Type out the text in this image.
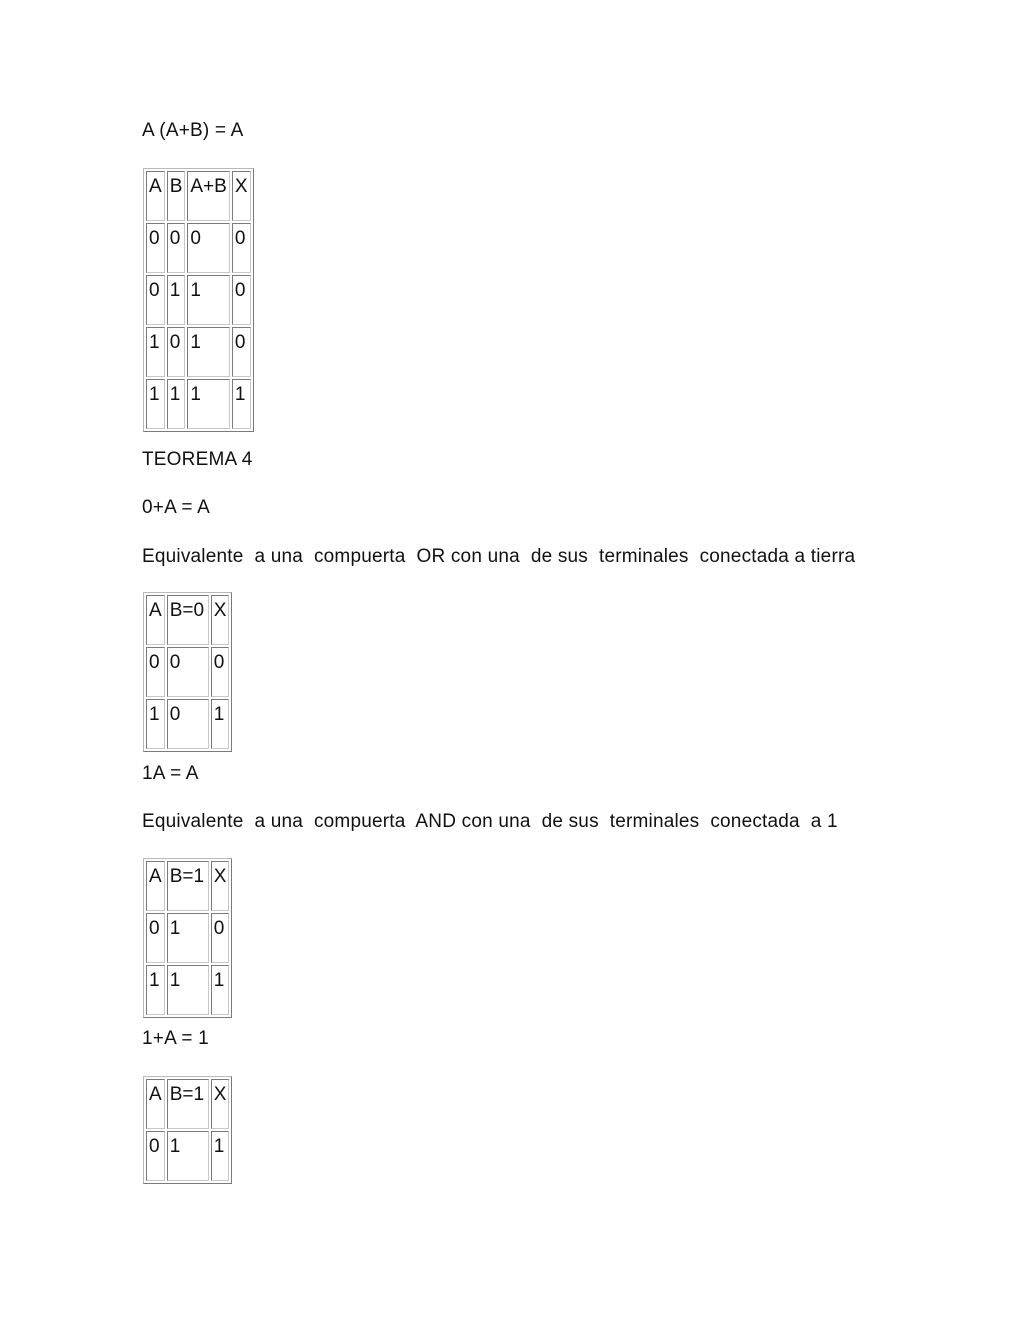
A (A+B) = A
A	B	A+B	X
0	0	0	0
0	1	1	0
1	0	1	0
1	1	1	1
TEOREMA 4
0+A = A
Equivalente  a una  compuerta  OR con una  de sus  terminales  conectada a tierra
A	B=0	X
0	0	0
1	0	1
1A = A
Equivalente  a una  compuerta  AND con una  de sus  terminales  conectada  a 1
A	B=1	X
0	1	0
1	1	1
1+A = 1
A	B=1	X
0	1	1
